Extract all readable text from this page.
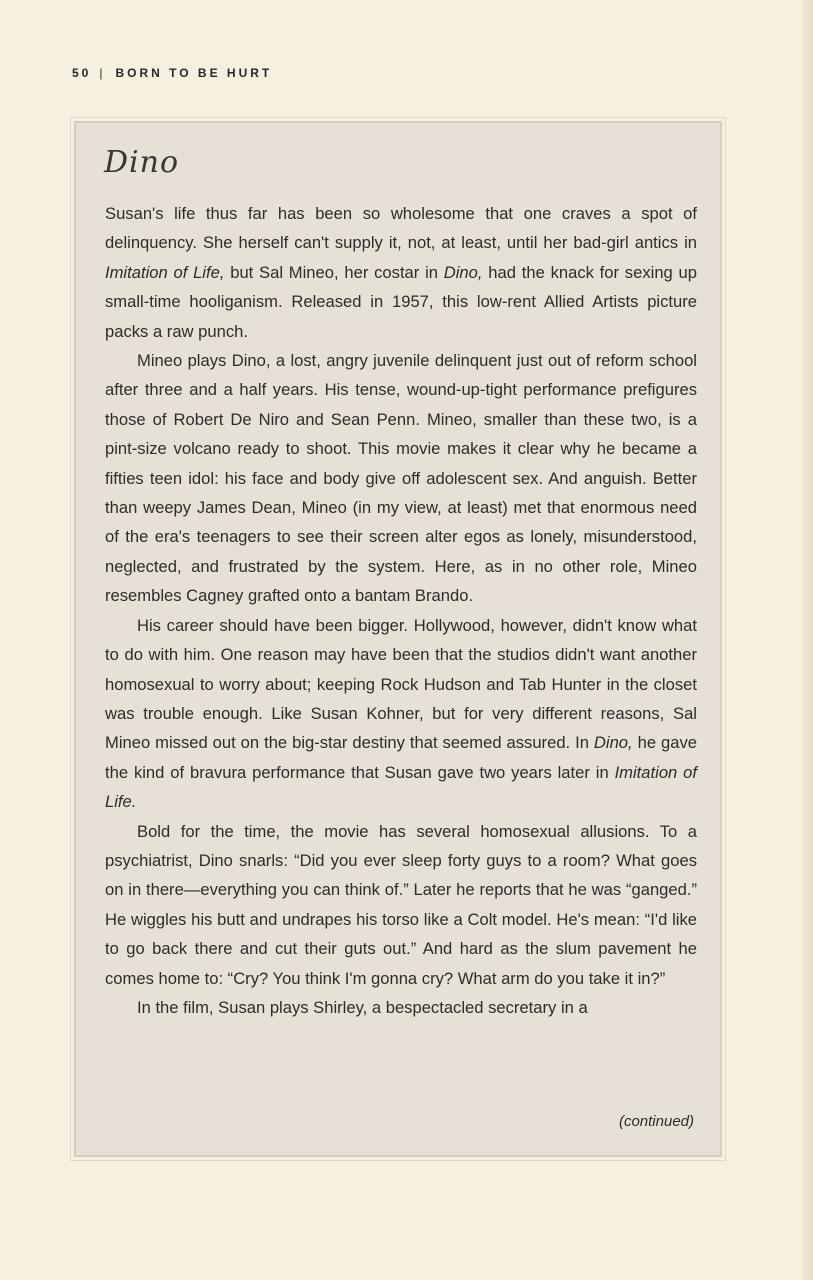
50 | BORN TO BE HURT
Dino

Susan's life thus far has been so wholesome that one craves a spot of delinquency. She herself can't supply it, not, at least, until her bad-girl antics in Imitation of Life, but Sal Mineo, her costar in Dino, had the knack for sexing up small-time hooliganism. Released in 1957, this low-rent Allied Artists picture packs a raw punch.

Mineo plays Dino, a lost, angry juvenile delinquent just out of reform school after three and a half years. His tense, wound-up-tight performance prefigures those of Robert De Niro and Sean Penn. Mineo, smaller than these two, is a pint-size volcano ready to shoot. This movie makes it clear why he became a fifties teen idol: his face and body give off adolescent sex. And anguish. Better than weepy James Dean, Mineo (in my view, at least) met that enormous need of the era's teenagers to see their screen alter egos as lonely, misunderstood, neglected, and frustrated by the system. Here, as in no other role, Mineo resembles Cagney grafted onto a bantam Brando.

His career should have been bigger. Hollywood, however, didn't know what to do with him. One reason may have been that the studios didn't want another homosexual to worry about; keeping Rock Hudson and Tab Hunter in the closet was trouble enough. Like Susan Kohner, but for very different reasons, Sal Mineo missed out on the big-star destiny that seemed assured. In Dino, he gave the kind of bravura performance that Susan gave two years later in Imitation of Life.

Bold for the time, the movie has several homosexual allusions. To a psychiatrist, Dino snarls: “Did you ever sleep forty guys to a room? What goes on in there—everything you can think of.” Later he reports that he was “ganged.” He wiggles his butt and undrapes his torso like a Colt model. He's mean: “I'd like to go back there and cut their guts out.” And hard as the slum pavement he comes home to: “Cry? You think I'm gonna cry? What arm do you take it in?”

In the film, Susan plays Shirley, a bespectacled secretary in a

(continued)
